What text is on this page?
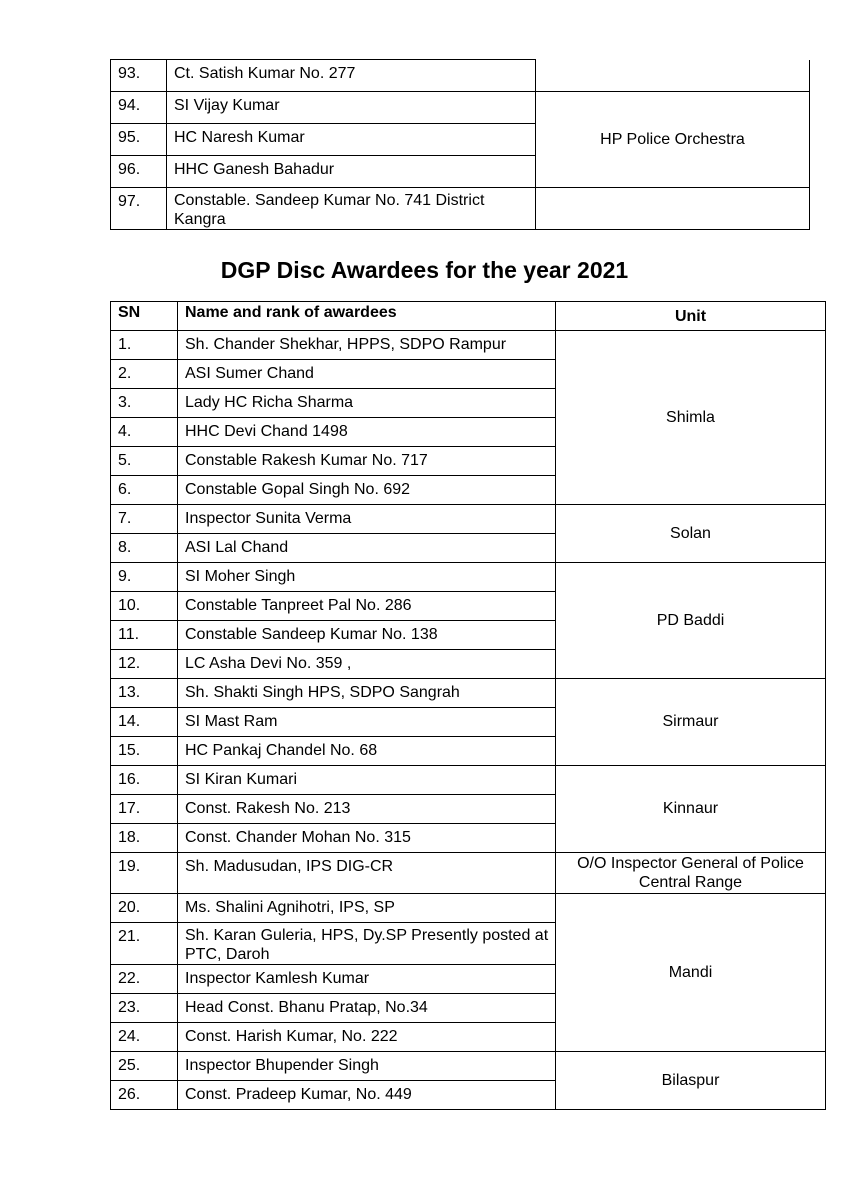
93.	Ct. Satish Kumar No. 277	
94.	SI Vijay Kumar	HP Police Orchestra
95.	HC Naresh Kumar	
96.	HHC Ganesh Bahadur	
97.	Constable. Sandeep Kumar No. 741 District Kangra	
DGP Disc Awardees for the year 2021
SN	Name and rank of awardees	Unit
1.	Sh. Chander Shekhar, HPPS, SDPO Rampur	Shimla
2.	ASI Sumer Chand	
3.	Lady HC Richa Sharma	
4.	HHC Devi Chand 1498	
5.	Constable Rakesh Kumar No. 717	
6.	Constable Gopal Singh No. 692	
7.	Inspector Sunita Verma	Solan
8.	ASI Lal Chand	
9.	SI Moher Singh	PD Baddi
10.	Constable Tanpreet Pal No. 286	
11.	Constable Sandeep Kumar No. 138	
12.	LC Asha Devi No. 359 ,	
13.	Sh. Shakti Singh HPS, SDPO Sangrah	Sirmaur
14.	SI Mast Ram	
15.	HC Pankaj Chandel No. 68	
16.	SI Kiran Kumari	Kinnaur
17.	Const. Rakesh No. 213	
18.	Const. Chander Mohan No. 315	
19.	Sh. Madusudan, IPS DIG-CR	O/O Inspector General of Police Central Range
20.	Ms. Shalini Agnihotri, IPS, SP	Mandi
21.	Sh. Karan Guleria, HPS, Dy.SP Presently posted at PTC, Daroh	
22.	Inspector Kamlesh Kumar	
23.	Head Const. Bhanu Pratap, No.34	
24.	Const. Harish Kumar, No. 222	
25.	Inspector Bhupender Singh	Bilaspur
26.	Const. Pradeep Kumar, No. 449	
